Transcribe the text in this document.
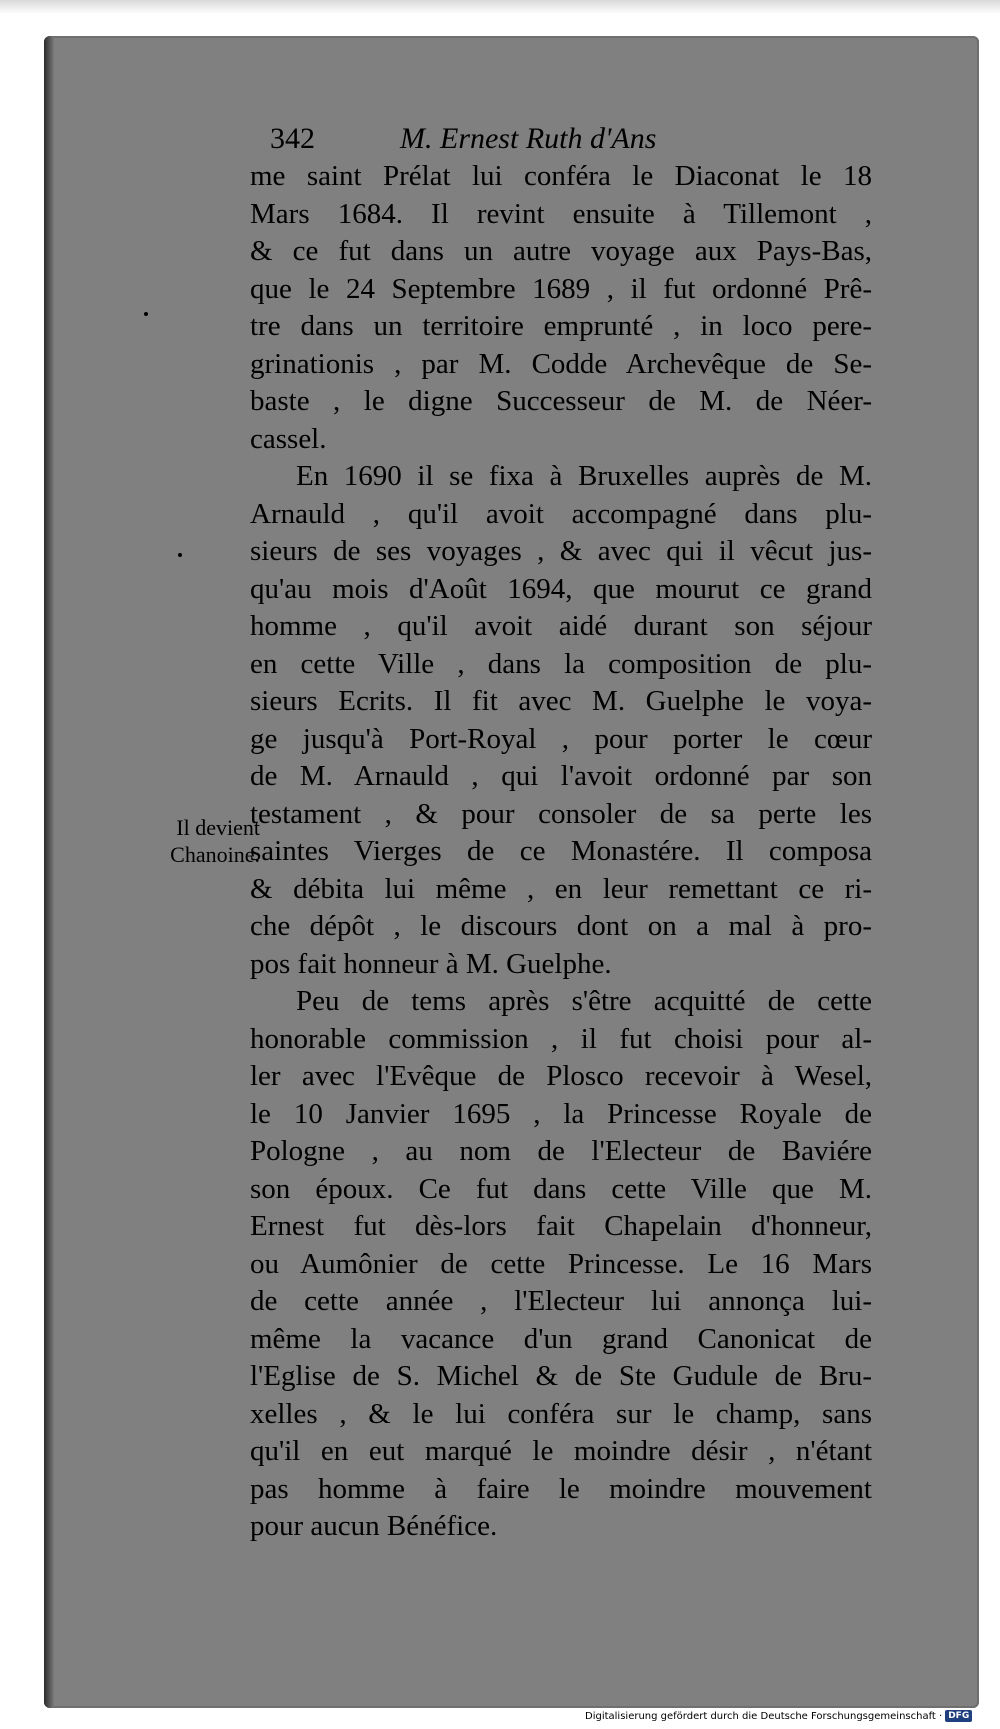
342	M. Ernest Ruth d'Ans
me saint Prélat lui conféra le Diaconat le 18
Mars 1684. Il revint ensuite à Tillemont ,
& ce fut dans un autre voyage aux Pays-Bas,
que le 24 Septembre 1689 , il fut ordonné Prê-
tre dans un territoire emprunté , in loco pere-
grinationis , par M. Codde Archevêque de Se-
baste , le digne Successeur de M. de Néer-
cassel.
En 1690 il se fixa à Bruxelles auprès de M.
Arnauld , qu'il avoit accompagné dans plu-
sieurs de ses voyages , & avec qui il vêcut jus-
qu'au mois d'Août 1694, que mourut ce grand
homme , qu'il avoit aidé durant son séjour
en cette Ville , dans la composition de plu-
sieurs Ecrits. Il fit avec M. Guelphe le voya-
ge jusqu'à Port-Royal , pour porter le cœur
de M. Arnauld , qui l'avoit ordonné par son
testament , & pour consoler de sa perte les
saintes Vierges de ce Monastére. Il composa
& débita lui même , en leur remettant ce ri-
che dépôt , le discours dont on a mal à pro-
pos fait honneur à M. Guelphe.
Peu de tems après s'être acquitté de cette
honorable commission , il fut choisi pour al-
ler avec l'Evêque de Plosco recevoir à Wesel,
le 10 Janvier 1695 , la Princesse Royale de
Pologne , au nom de l'Electeur de Baviére
son époux. Ce fut dans cette Ville que M.
Ernest fut dès-lors fait Chapelain d'honneur,
ou Aumônier de cette Princesse. Le 16 Mars
de cette année , l'Electeur lui annonça lui-
même la vacance d'un grand Canonicat de
l'Eglise de S. Michel & de Ste Gudule de Bru-
xelles , & le lui conféra sur le champ, sans
qu'il en eut marqué le moindre désir , n'étant
pas homme à faire le moindre mouvement
pour aucun Bénéfice.
Il devient
Chanoine.
Digitalisierung gefördert durch die Deutsche Forschungsgemeinschaft · DFG
